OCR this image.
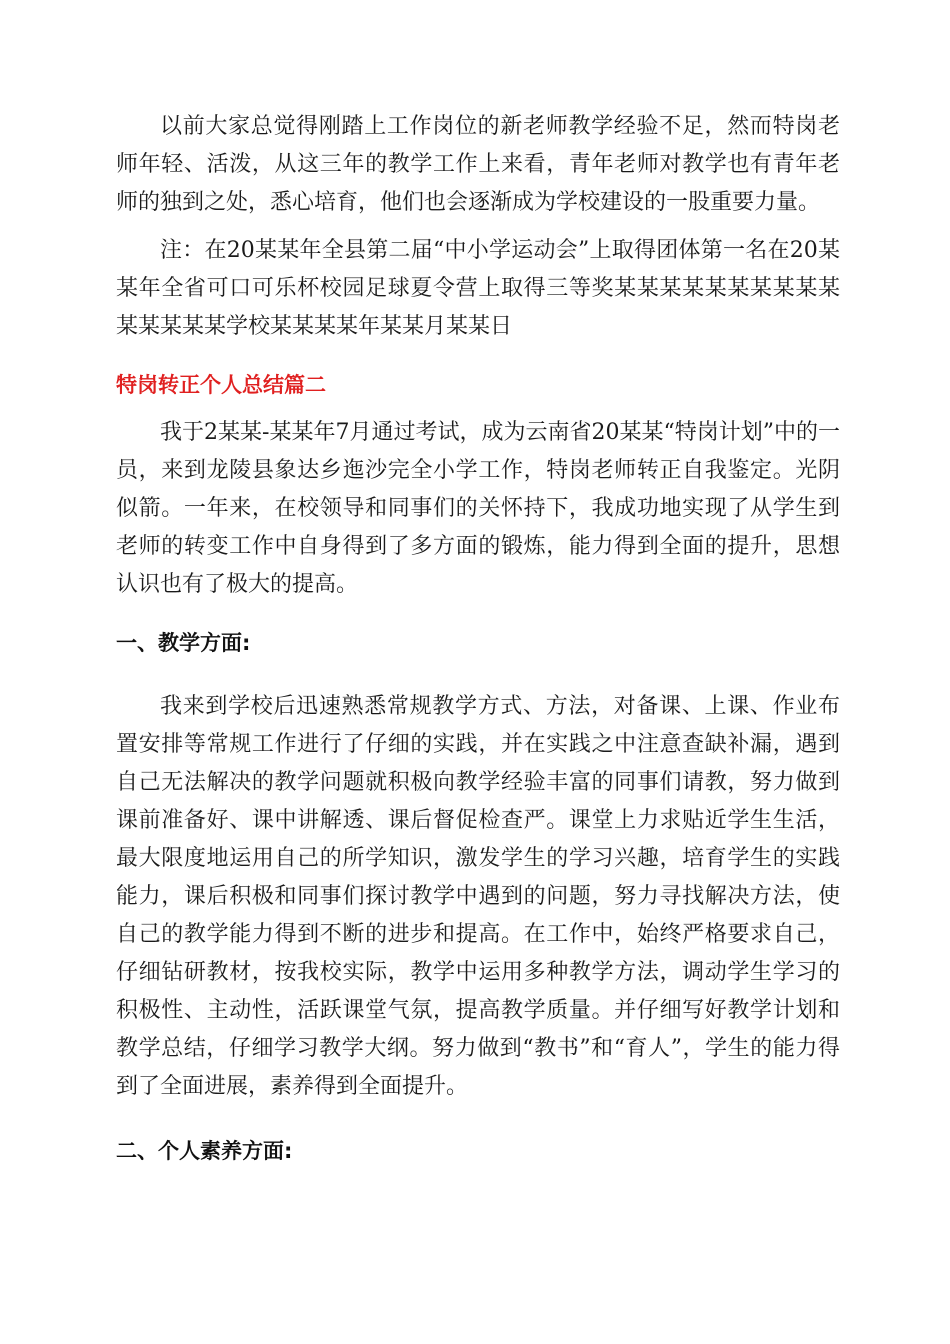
以前大家总觉得刚踏上工作岗位的新老师教学经验不足，然而特岗老师年轻、活泼，从这三年的教学工作上来看，青年老师对教学也有青年老师的独到之处，悉心培育，他们也会逐渐成为学校建设的一股重要力量。

注：在20某某年全县第二届“中小学运动会”上取得团体第一名在20某某年全省可口可乐杯校园足球夏令营上取得三等奖某某某某某某某某某某某某某某某学校某某某某年某某月某某日

特岗转正个人总结篇二

我于2某某-某某年7月通过考试，成为云南省20某某“特岗计划”中的一员，来到龙陵县象达乡迤沙完全小学工作，特岗老师转正自我鉴定。光阴似箭。一年来，在校领导和同事们的关怀持下，我成功地实现了从学生到老师的转变工作中自身得到了多方面的锻炼，能力得到全面的提升，思想认识也有了极大的提高。

一、教学方面:

我来到学校后迅速熟悉常规教学方式、方法，对备课、上课、作业布置安排等常规工作进行了仔细的实践，并在实践之中注意查缺补漏，遇到自己无法解决的教学问题就积极向教学经验丰富的同事们请教，努力做到课前准备好、课中讲解透、课后督促检查严。课堂上力求贴近学生生活，最大限度地运用自己的所学知识，激发学生的学习兴趣，培育学生的实践能力，课后积极和同事们探讨教学中遇到的问题，努力寻找解决方法，使自己的教学能力得到不断的进步和提高。在工作中，始终严格要求自己，仔细钻研教材，按我校实际，教学中运用多种教学方法，调动学生学习的积极性、主动性，活跃课堂气氛，提高教学质量。并仔细写好教学计划和教学总结，仔细学习教学大纲。努力做到“教书”和“育人”，学生的能力得到了全面进展，素养得到全面提升。

二、个人素养方面:
